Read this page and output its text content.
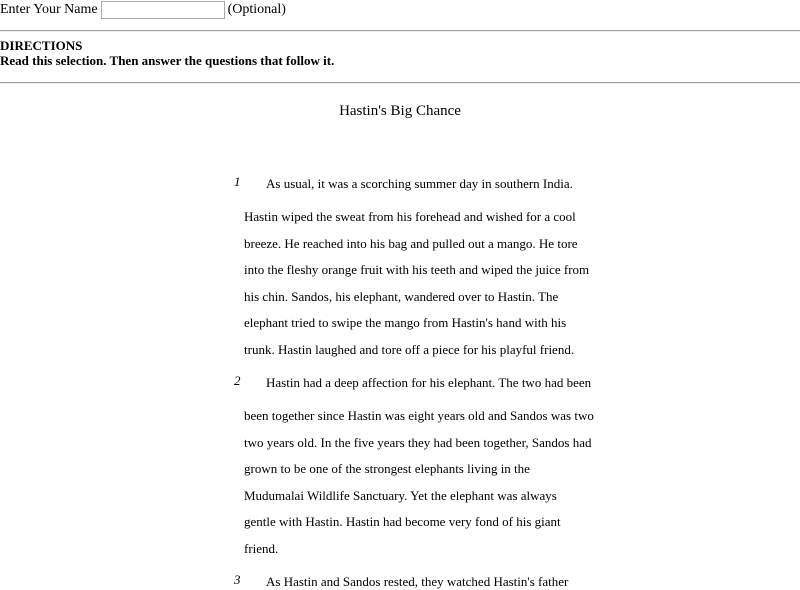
Enter Your Name	(Optional)
DIRECTIONS
Read this selection. Then answer the questions that follow it.
Hastin's Big Chance
1 As usual, it was a scorching summer day in southern India.
Hastin wiped the sweat from his forehead and wished for a cool
breeze. He reached into his bag and pulled out a mango. He tore
into the fleshy orange fruit with his teeth and wiped the juice from
his chin. Sandos, his elephant, wandered over to Hastin. The
elephant tried to swipe the mango from Hastin's hand with his
trunk. Hastin laughed and tore off a piece for his playful friend.
2 Hastin had a deep affection for his elephant. The two had been
been together since Hastin was eight years old and Sandos was two
two years old. In the five years they had been together, Sandos had
grown to be one of the strongest elephants living in the
Mudumalai Wildlife Sanctuary. Yet the elephant was always
gentle with Hastin. Hastin had become very fond of his giant
friend.
3 As Hastin and Sandos rested, they watched Hastin's father
